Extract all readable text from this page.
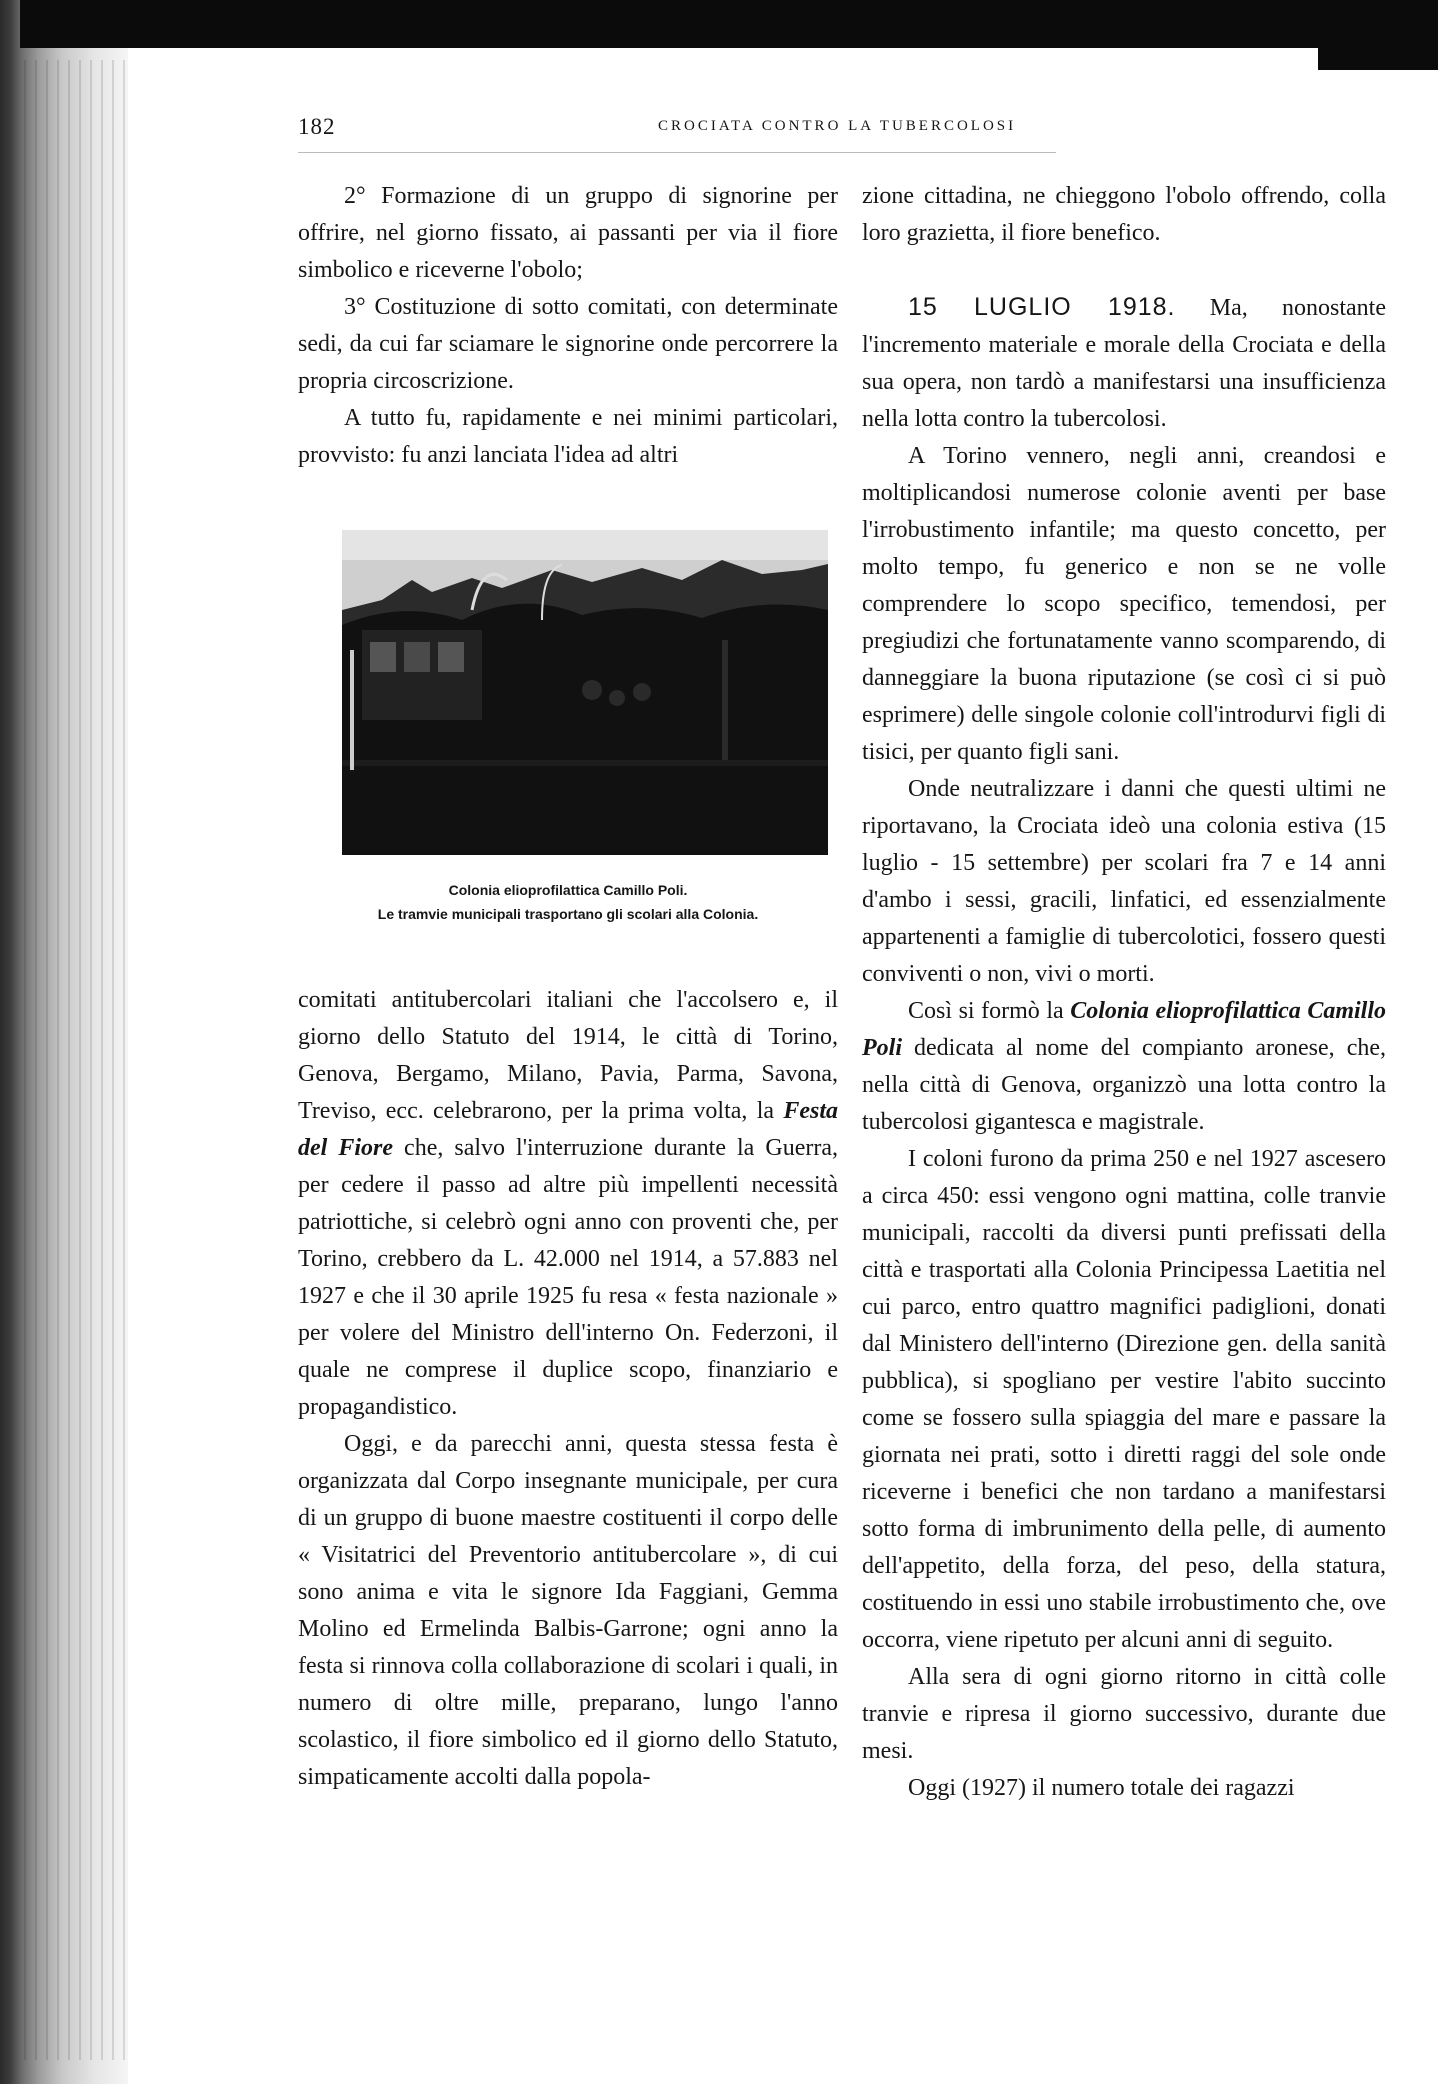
182	CROCIATA CONTRO LA TUBERCOLOSI

2° Formazione di un gruppo di signorine per offrire, nel giorno fissato, ai passanti per via il fiore simbolico e riceverne l'obolo;

3° Costituzione di sotto comitati, con determinate sedi, da cui far sciamare le signorine onde percorrere la propria circoscrizione.

A tutto fu, rapidamente e nei minimi particolari, provvisto: fu anzi lanciata l'idea ad altri

Colonia elioprofilattica Camillo Poli.
Le tramvie municipali trasportano gli scolari alla Colonia.

comitati antitubercolari italiani che l'accolsero e, il giorno dello Statuto del 1914, le città di Torino, Genova, Bergamo, Milano, Pavia, Parma, Savona, Treviso, ecc. celebrarono, per la prima volta, la Festa del Fiore che, salvo l'interruzione durante la Guerra, per cedere il passo ad altre più impellenti necessità patriottiche, si celebrò ogni anno con proventi che, per Torino, crebbero da L. 42.000 nel 1914, a 57.883 nel 1927 e che il 30 aprile 1925 fu resa « festa nazionale » per volere del Ministro dell'interno On. Federzoni, il quale ne comprese il duplice scopo, finanziario e propagandistico.

Oggi, e da parecchi anni, questa stessa festa è organizzata dal Corpo insegnante municipale, per cura di un gruppo di buone maestre costituenti il corpo delle « Visitatrici del Preventorio antitubercolare », di cui sono anima e vita le signore Ida Faggiani, Gemma Molino ed Ermelinda Balbis-Garrone; ogni anno la festa si rinnova colla collaborazione di scolari i quali, in numero di oltre mille, preparano, lungo l'anno scolastico, il fiore simbolico ed il giorno dello Statuto, simpaticamente accolti dalla popola-

zione cittadina, ne chieggono l'obolo offrendo, colla loro grazietta, il fiore benefico.

15 LUGLIO 1918. Ma, nonostante l'incremento materiale e morale della Crociata e della sua opera, non tardò a manifestarsi una insufficienza nella lotta contro la tubercolosi.

A Torino vennero, negli anni, creandosi e moltiplicandosi numerose colonie aventi per base l'irrobustimento infantile; ma questo concetto, per molto tempo, fu generico e non se ne volle comprendere lo scopo specifico, temendosi, per pregiudizi che fortunatamente vanno scomparendo, di danneggiare la buona riputazione (se così ci si può esprimere) delle singole colonie coll'introdurvi figli di tisici, per quanto figli sani.

Onde neutralizzare i danni che questi ultimi ne riportavano, la Crociata ideò una colonia estiva (15 luglio - 15 settembre) per scolari fra 7 e 14 anni d'ambo i sessi, gracili, linfatici, ed essenzialmente appartenenti a famiglie di tubercolotici, fossero questi conviventi o non, vivi o morti.

Così si formò la Colonia elioprofilattica Camillo Poli dedicata al nome del compianto aronese, che, nella città di Genova, organizzò una lotta contro la tubercolosi gigantesca e magistrale.

I coloni furono da prima 250 e nel 1927 ascesero a circa 450: essi vengono ogni mattina, colle tranvie municipali, raccolti da diversi punti prefissati della città e trasportati alla Colonia Principessa Laetitia nel cui parco, entro quattro magnifici padiglioni, donati dal Ministero dell'interno (Direzione gen. della sanità pubblica), si spogliano per vestire l'abito succinto come se fossero sulla spiaggia del mare e passare la giornata nei prati, sotto i diretti raggi del sole onde riceverne i benefici che non tardano a manifestarsi sotto forma di imbrunimento della pelle, di aumento dell'appetito, della forza, del peso, della statura, costituendo in essi uno stabile irrobustimento che, ove occorra, viene ripetuto per alcuni anni di seguito.

Alla sera di ogni giorno ritorno in città colle tranvie e ripresa il giorno successivo, durante due mesi.

Oggi (1927) il numero totale dei ragazzi
